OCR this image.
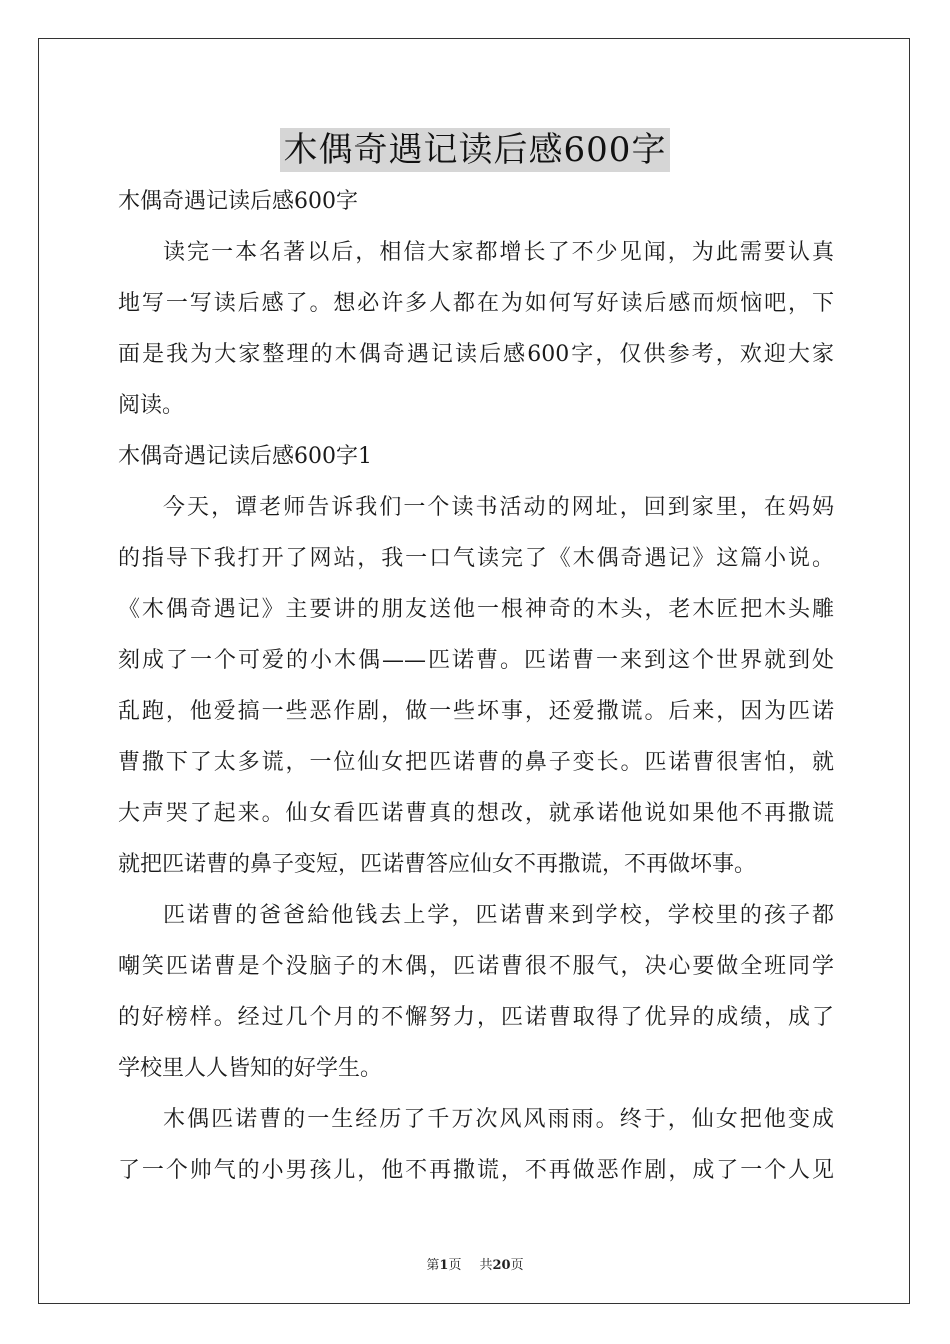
木偶奇遇记读后感600字
木偶奇遇记读后感600字
读完一本名著以后，相信大家都增长了不少见闻，为此需要认真
地写一写读后感了。想必许多人都在为如何写好读后感而烦恼吧，下
面是我为大家整理的木偶奇遇记读后感600字，仅供参考，欢迎大家
阅读。
木偶奇遇记读后感600字1
今天，谭老师告诉我们一个读书活动的网址，回到家里，在妈妈
的指导下我打开了网站，我一口气读完了《木偶奇遇记》这篇小说。
《木偶奇遇记》主要讲的朋友送他一根神奇的木头，老木匠把木头雕
刻成了一个可爱的小木偶——匹诺曹。匹诺曹一来到这个世界就到处
乱跑，他爱搞一些恶作剧，做一些坏事，还爱撒谎。后来，因为匹诺
曹撒下了太多谎，一位仙女把匹诺曹的鼻子变长。匹诺曹很害怕，就
大声哭了起来。仙女看匹诺曹真的想改，就承诺他说如果他不再撒谎
就把匹诺曹的鼻子变短，匹诺曹答应仙女不再撒谎，不再做坏事。
匹诺曹的爸爸給他钱去上学，匹诺曹来到学校，学校里的孩子都
嘲笑匹诺曹是个没脑子的木偶，匹诺曹很不服气，决心要做全班同学
的好榜样。经过几个月的不懈努力，匹诺曹取得了优异的成绩，成了
学校里人人皆知的好学生。
木偶匹诺曹的一生经历了千万次风风雨雨。终于，仙女把他变成
了一个帅气的小男孩儿，他不再撒谎，不再做恶作剧，成了一个人见
第1页 共20页
